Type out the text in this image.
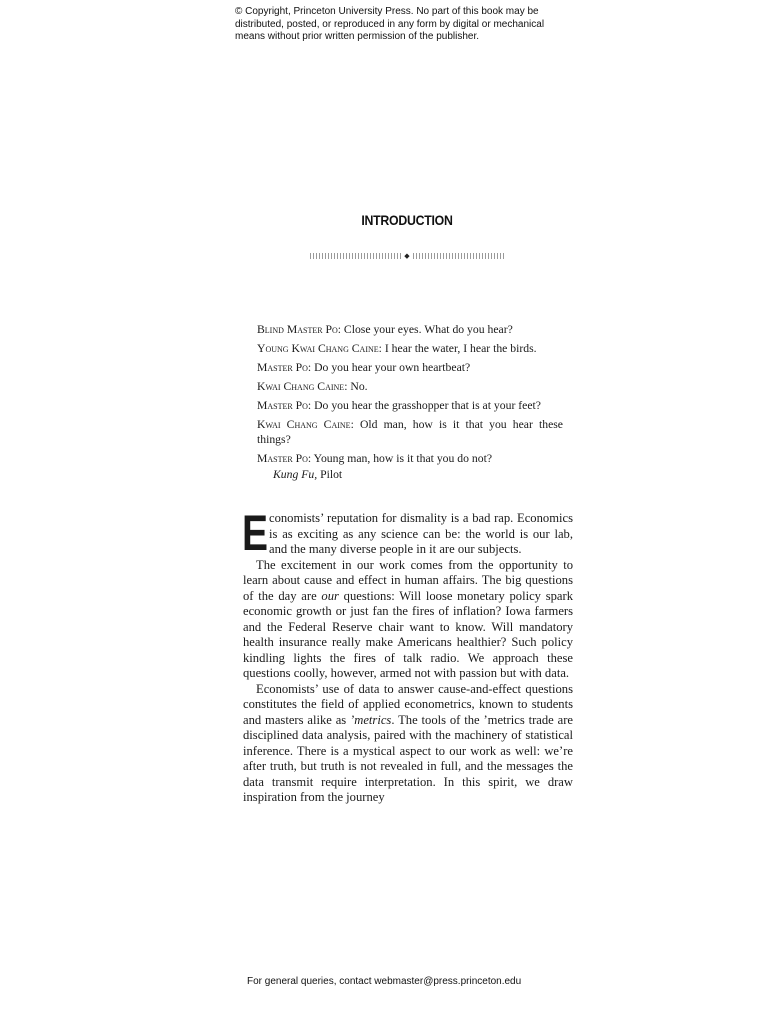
© Copyright, Princeton University Press. No part of this book may be distributed, posted, or reproduced in any form by digital or mechanical means without prior written permission of the publisher.
INTRODUCTION
◆
Blind Master Po: Close your eyes. What do you hear?
Young Kwai Chang Caine: I hear the water, I hear the birds.
Master Po: Do you hear your own heartbeat?
Kwai Chang Caine: No.
Master Po: Do you hear the grasshopper that is at your feet?
Kwai Chang Caine: Old man, how is it that you hear these things?
Master Po: Young man, how is it that you do not?
Kung Fu, Pilot

Economists’ reputation for dismality is a bad rap. Economics is as exciting as any science can be: the world is our lab, and the many diverse people in it are our subjects.

The excitement in our work comes from the opportunity to learn about cause and effect in human affairs. The big questions of the day are our questions: Will loose monetary policy spark economic growth or just fan the fires of inflation? Iowa farmers and the Federal Reserve chair want to know. Will mandatory health insurance really make Americans healthier? Such policy kindling lights the fires of talk radio. We approach these questions coolly, however, armed not with passion but with data.

Economists’ use of data to answer cause-and-effect questions constitutes the field of applied econometrics, known to students and masters alike as ’metrics. The tools of the ’metrics trade are disciplined data analysis, paired with the machinery of statistical inference. There is a mystical aspect to our work as well: we’re after truth, but truth is not revealed in full, and the messages the data transmit require interpretation. In this spirit, we draw inspiration from the journey

For general queries, contact webmaster@press.princeton.edu
